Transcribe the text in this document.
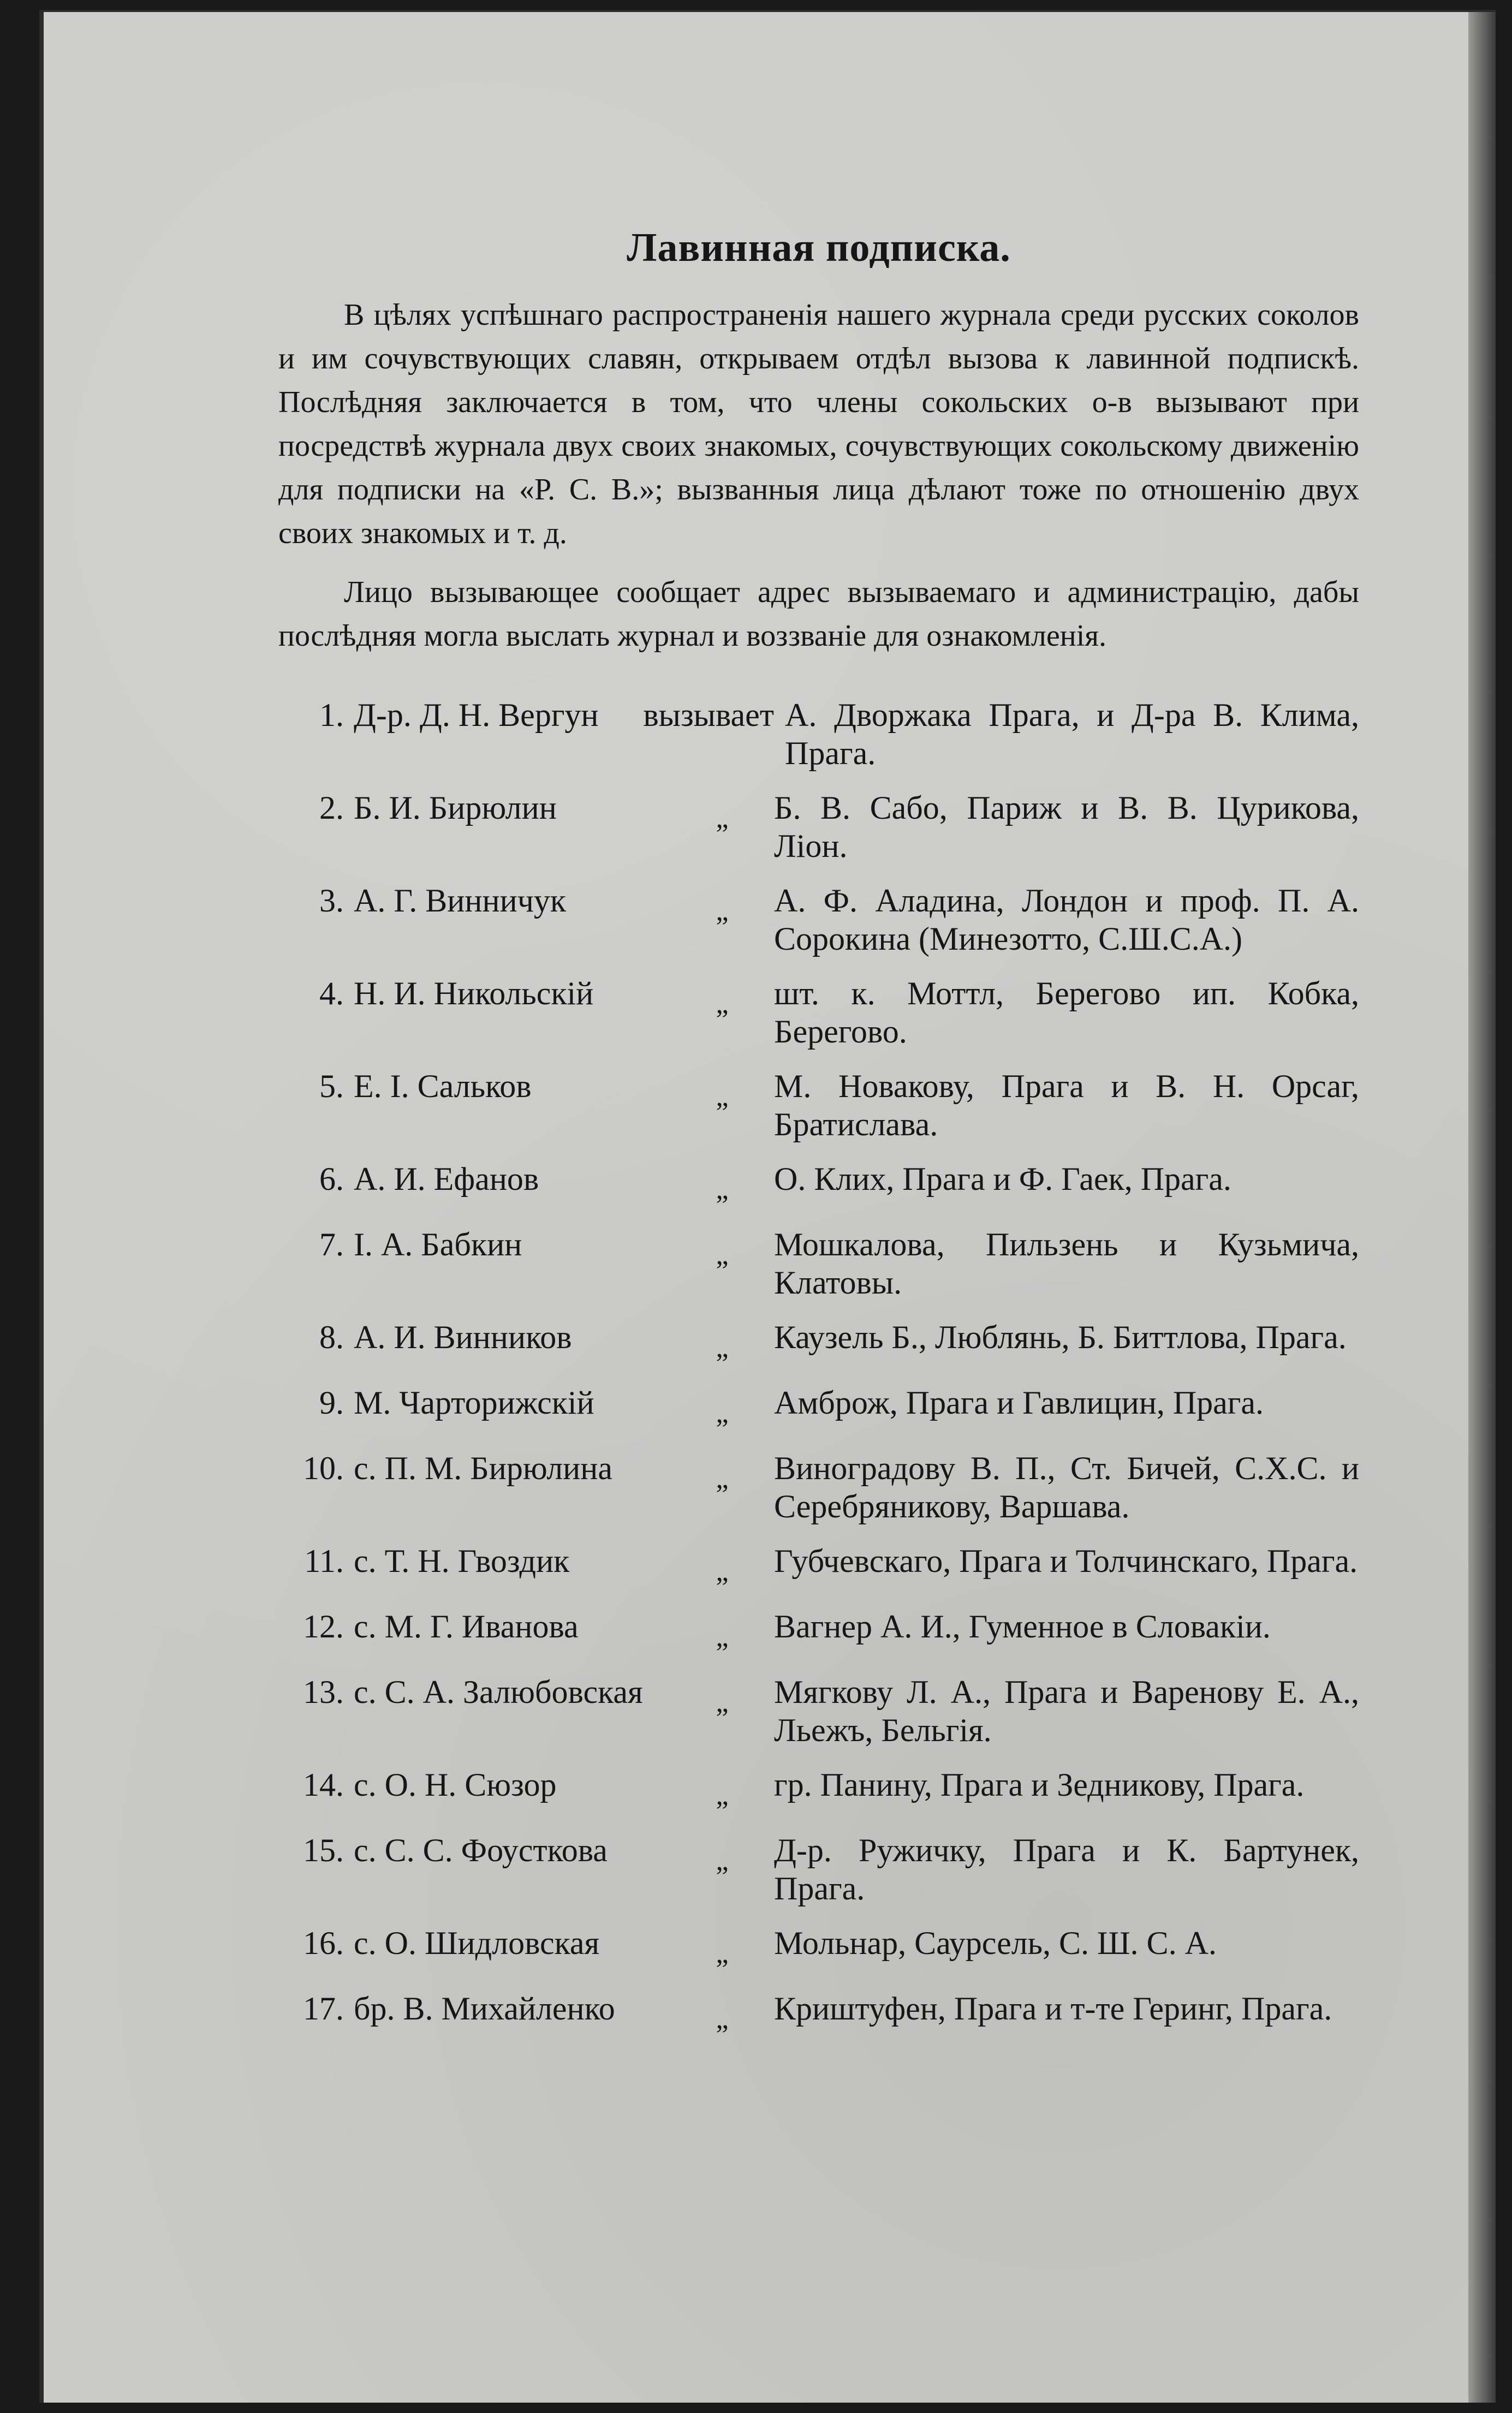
Лавинная подписка.

В цѣлях успѣшнаго распространенія нашего журнала среди русских соколов и им сочувствующих славян, открываем отдѣл вызова к лавинной подпискѣ. Послѣдняя заключается в том, что члены сокольских о-в вызывают при посредствѣ журнала двух своих знакомых, сочувствующих сокольскому движенію для подписки на «Р. С. В.»; вызванныя лица дѣлают тоже по отношенію двух своих знакомых и т. д.

Лицо вызывающее сообщает адрес вызываемаго и администрацію, дабы послѣдняя могла выслать журнал и воззваніе для ознакомленія.

1. Д-р. Д. Н. Вергун	вызывает А. Дворжака Прага, и Д-ра В. Клима, Прага.
2. Б. И. Бирюлин	„	Б. В. Сабо, Париж и В. В. Цурикова, Ліон.
3. А. Г. Винничук	„	А. Ф. Аладина, Лондон и проф. П. А. Сорокина (Минезотто, С.Ш.С.А.)
4. Н. И. Никольскій	„	шт. к. Моттл, Берегово ип. Кобка, Берегово.
5. Е. І. Сальков	„	М. Новакову, Прага и В. Н. Орсаг, Братислава.
6. А. И. Ефанов	„	О. Клих, Прага и Ф. Гаек, Прага.
7. І. А. Бабкин	„	Мошкалова, Пильзень и Кузьмича, Клатовы.
8. А. И. Винников	„	Каузель Б., Люблянь, Б. Биттлова, Прага.
9. М. Чарторижскій	„	Амброж, Прага и Гавлицин, Прага.
10. с. П. М. Бирюлина	„	Виноградову В. П., Ст. Бичей, С.Х.С. и Серебряникову, Варшава.
11. с. Т. Н. Гвоздик	„	Губчевскаго, Прага и Толчинскаго, Прага.
12. с. М. Г. Иванова	„	Вагнер А. И., Гуменное в Словакіи.
13. с. С. А. Залюбовская	„	Мягкову Л. А., Прага и Варенову Е. А., Льежъ, Бельгія.
14. с. О. Н. Сюзор	„	гр. Панину, Прага и Зедникову, Прага.
15. с. С. С. Фоусткова	„	Д-р. Ружичку, Прага и К. Бартунек, Прага.
16. с. О. Шидловская	„	Мольнар, Саурсель, С. Ш. С. А.
17. бр. В. Михайленко	„	Криштуфен, Прага и т-те Геринг, Прага.
